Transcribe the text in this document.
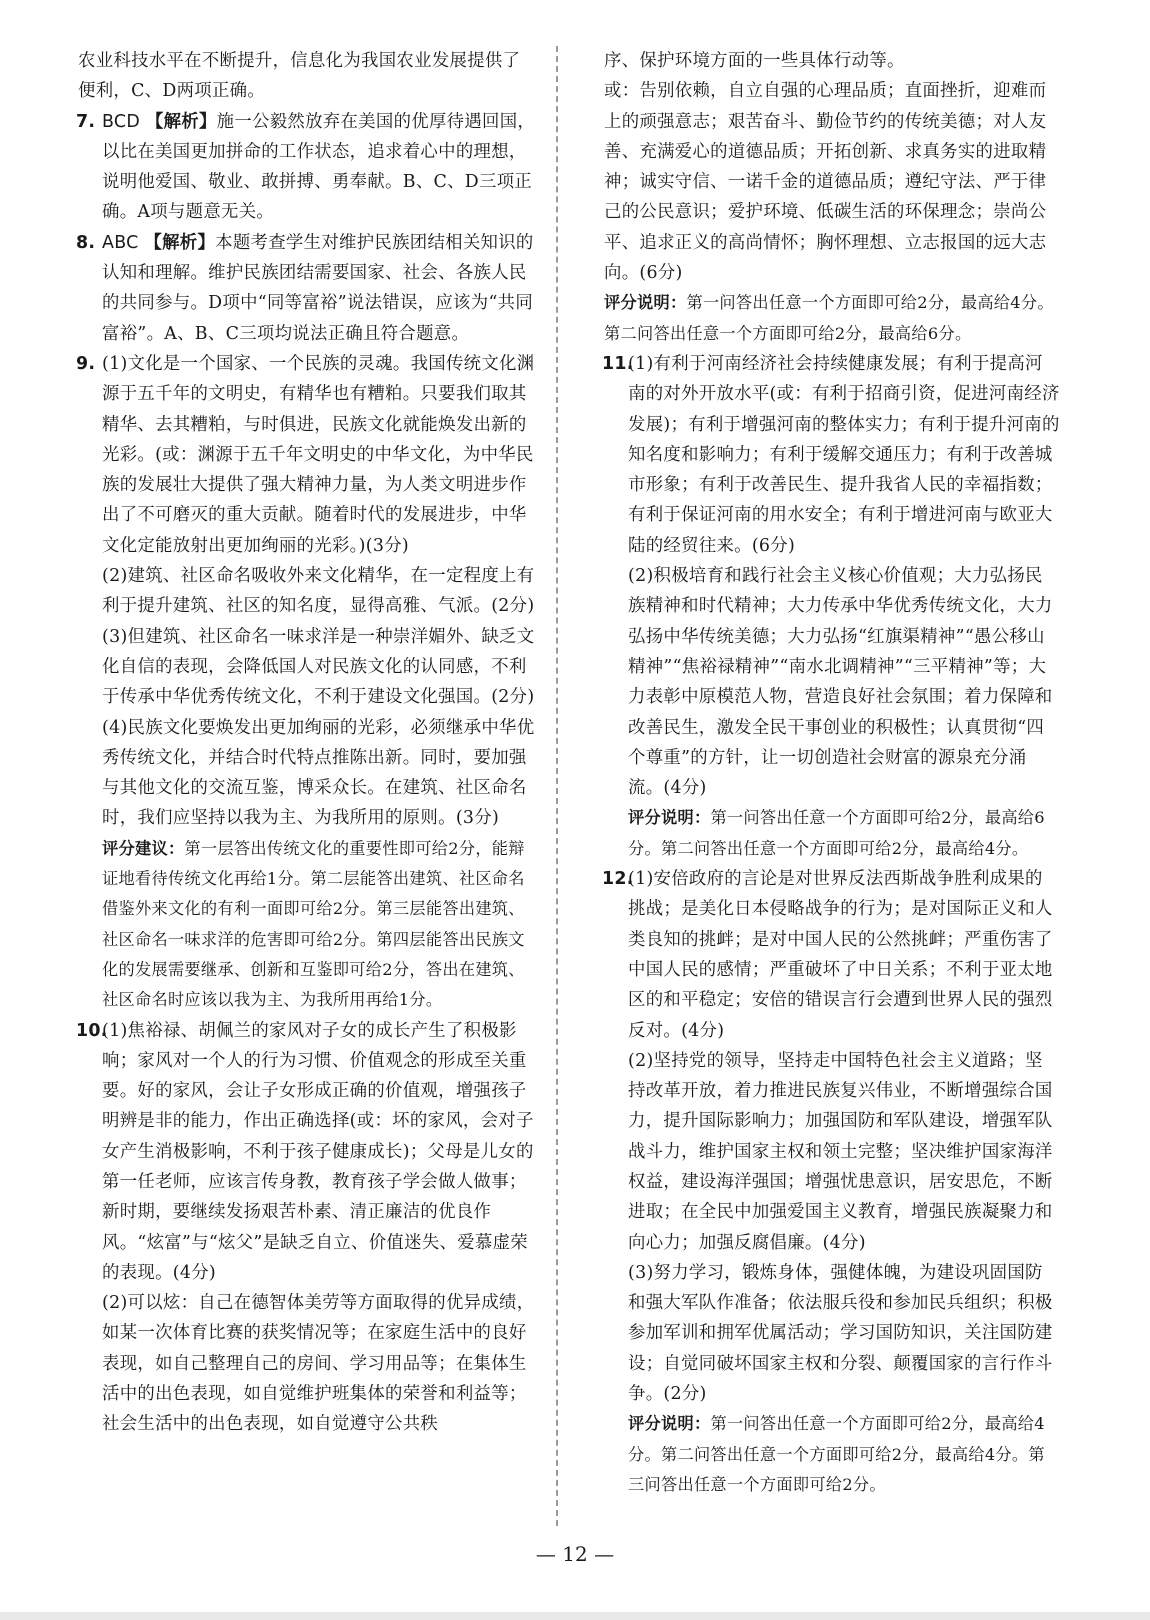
农业科技水平在不断提升，信息化为我国农业发展提供了便利，C、D两项正确。

7. BCD 【解析】施一公毅然放弃在美国的优厚待遇回国，以比在美国更加拼命的工作状态，追求着心中的理想，说明他爱国、敬业、敢拼搏、勇奉献。B、C、D三项正确。A项与题意无关。
8. ABC 【解析】本题考查学生对维护民族团结相关知识的认知和理解。维护民族团结需要国家、社会、各族人民的共同参与。D项中“同等富裕”说法错误，应该为“共同富裕”。A、B、C三项均说法正确且符合题意。
9. (1)文化是一个国家、一个民族的灵魂。我国传统文化渊源于五千年的文明史，有精华也有糟粕。只要我们取其精华、去其糟粕，与时俱进，民族文化就能焕发出新的光彩。(或：渊源于五千年文明史的中华文化，为中华民族的发展壮大提供了强大精神力量，为人类文明进步作出了不可磨灭的重大贡献。随着时代的发展进步，中华文化定能放射出更加绚丽的光彩。)(3分)
(2)建筑、社区命名吸收外来文化精华，在一定程度上有利于提升建筑、社区的知名度，显得高雅、气派。(2分)
(3)但建筑、社区命名一味求洋是一种崇洋媚外、缺乏文化自信的表现，会降低国人对民族文化的认同感，不利于传承中华优秀传统文化，不利于建设文化强国。(2分)
(4)民族文化要焕发出更加绚丽的光彩，必须继承中华优秀传统文化，并结合时代特点推陈出新。同时，要加强与其他文化的交流互鉴，博采众长。在建筑、社区命名时，我们应坚持以我为主、为我所用的原则。(3分)
评分建议：第一层答出传统文化的重要性即可给2分，能辩证地看待传统文化再给1分。第二层能答出建筑、社区命名借鉴外来文化的有利一面即可给2分。第三层能答出建筑、社区命名一味求洋的危害即可给2分。第四层能答出民族文化的发展需要继承、创新和互鉴即可给2分，答出在建筑、社区命名时应该以我为主、为我所用再给1分。
10.
(1)焦裕禄、胡佩兰的家风对子女的成长产生了积极影响；家风对一个人的行为习惯、价值观念的形成至关重要。好的家风，会让子女形成正确的价值观，增强孩子明辨是非的能力，作出正确选择(或：坏的家风，会对子女产生消极影响，不利于孩子健康成长)；父母是儿女的第一任老师，应该言传身教，教育孩子学会做人做事；新时期，要继续发扬艰苦朴素、清正廉洁的优良作风。“炫富”与“炫父”是缺乏自立、价值迷失、爱慕虚荣的表现。(4分)
(2)可以炫：自己在德智体美劳等方面取得的优异成绩，如某一次体育比赛的获奖情况等；在家庭生活中的良好表现，如自己整理自己的房间、学习用品等；在集体生活中的出色表现，如自觉维护班集体的荣誉和利益等；社会生活中的出色表现，如自觉遵守公共秩
序、保护环境方面的一些具体行动等。
或：告别依赖，自立自强的心理品质；直面挫折，迎难而上的顽强意志；艰苦奋斗、勤俭节约的传统美德；对人友善、充满爱心的道德品质；开拓创新、求真务实的进取精神；诚实守信、一诺千金的道德品质；遵纪守法、严于律己的公民意识；爱护环境、低碳生活的环保理念；崇尚公平、追求正义的高尚情怀；胸怀理想、立志报国的远大志向。(6分)
评分说明：第一问答出任意一个方面即可给2分，最高给4分。第二问答出任意一个方面即可给2分，最高给6分。
11.
(1)有利于河南经济社会持续健康发展；有利于提高河南的对外开放水平(或：有利于招商引资，促进河南经济发展)；有利于增强河南的整体实力；有利于提升河南的知名度和影响力；有利于缓解交通压力；有利于改善城市形象；有利于改善民生、提升我省人民的幸福指数；有利于保证河南的用水安全；有利于增进河南与欧亚大陆的经贸往来。(6分)
(2)积极培育和践行社会主义核心价值观；大力弘扬民族精神和时代精神；大力传承中华优秀传统文化，大力弘扬中华传统美德；大力弘扬“红旗渠精神”“愚公移山精神”“焦裕禄精神”“南水北调精神”“三平精神”等；大力表彰中原模范人物，营造良好社会氛围；着力保障和改善民生，激发全民干事创业的积极性；认真贯彻“四个尊重”的方针，让一切创造社会财富的源泉充分涌流。(4分)
评分说明：第一问答出任意一个方面即可给2分，最高给6分。第二问答出任意一个方面即可给2分，最高给4分。
12.
(1)安倍政府的言论是对世界反法西斯战争胜利成果的挑战；是美化日本侵略战争的行为；是对国际正义和人类良知的挑衅；是对中国人民的公然挑衅；严重伤害了中国人民的感情；严重破坏了中日关系；不利于亚太地区的和平稳定；安倍的错误言行会遭到世界人民的强烈反对。(4分)
(2)坚持党的领导，坚持走中国特色社会主义道路；坚持改革开放，着力推进民族复兴伟业，不断增强综合国力，提升国际影响力；加强国防和军队建设，增强军队战斗力，维护国家主权和领土完整；坚决维护国家海洋权益，建设海洋强国；增强忧患意识，居安思危，不断进取；在全民中加强爱国主义教育，增强民族凝聚力和向心力；加强反腐倡廉。(4分)
(3)努力学习，锻炼身体，强健体魄，为建设巩固国防和强大军队作准备；依法服兵役和参加民兵组织；积极参加军训和拥军优属活动；学习国防知识，关注国防建设；自觉同破坏国家主权和分裂、颠覆国家的言行作斗争。(2分)
评分说明：第一问答出任意一个方面即可给2分，最高给4分。第二问答出任意一个方面即可给2分，最高给4分。第三问答出任意一个方面即可给2分。
— 12 —
